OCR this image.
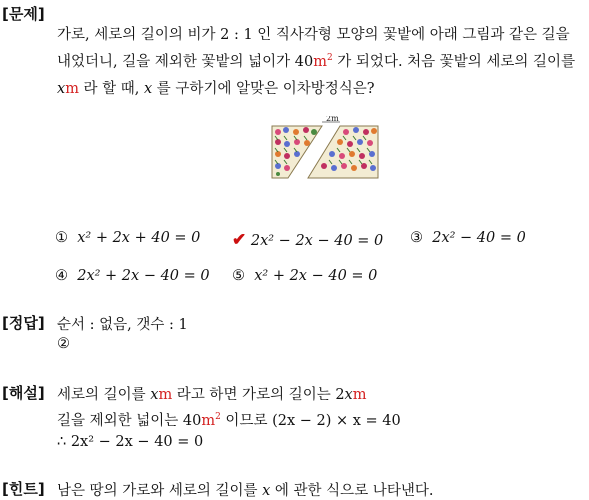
[문제]
가로, 세로의 길이의 비가 2 : 1 인 직사각형 모양의 꽃밭에 아래 그림과 같은 길을
내었더니, 길을 제외한 꽃밭의 넓이가 $40m^2$ 가 되었다. 처음 꽃밭의 세로의 길이를
xm 라 할 때, x 를 구하기에 알맞은 이차방정식은?
2m
① x² + 2x + 40 = 0 ✔ 2x² − 2x − 40 = 0 ③ 2x² − 40 = 0
④ 2x² + 2x − 40 = 0 ⑤ x² + 2x − 40 = 0
[정답] 순서 : 없음, 갯수 : 1
②
[해설] 세로의 길이를 xm 라고 하면 가로의 길이는 2xm
길을 제외한 넓이는 $40m^2$ 이므로 (2x − 2) × x = 40
∴ 2x² − 2x − 40 = 0
[힌트] 남은 땅의 가로와 세로의 길이를 x 에 관한 식으로 나타낸다.
